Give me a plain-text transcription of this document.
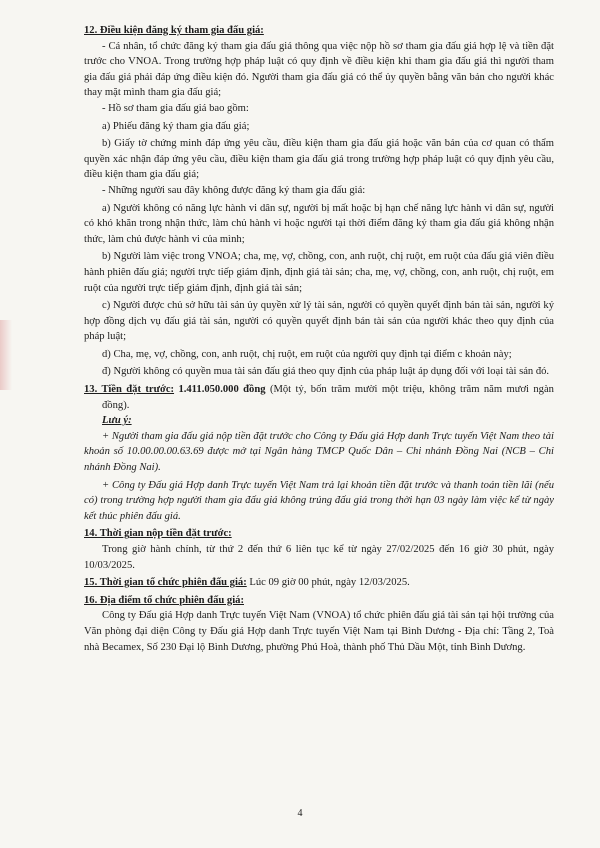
12. Điều kiện đăng ký tham gia đấu giá:

- Cá nhân, tổ chức đăng ký tham gia đấu giá thông qua việc nộp hồ sơ tham gia đấu giá hợp lệ và tiền đặt trước cho VNOA. Trong trường hợp pháp luật có quy định về điều kiện khi tham gia đấu giá thì người tham gia đấu giá phải đáp ứng điều kiện đó. Người tham gia đấu giá có thể ủy quyền bằng văn bản cho người khác thay mặt mình tham gia đấu giá;

- Hồ sơ tham gia đấu giá bao gồm:

a) Phiếu đăng ký tham gia đấu giá;

b) Giấy tờ chứng minh đáp ứng yêu cầu, điều kiện tham gia đấu giá hoặc văn bản của cơ quan có thẩm quyền xác nhận đáp ứng yêu cầu, điều kiện tham gia đấu giá trong trường hợp pháp luật có quy định yêu cầu, điều kiện tham gia đấu giá;

- Những người sau đây không được đăng ký tham gia đấu giá:

a) Người không có năng lực hành vi dân sự, người bị mất hoặc bị hạn chế năng lực hành vi dân sự, người có khó khăn trong nhận thức, làm chủ hành vi hoặc người tại thời điểm đăng ký tham gia đấu giá không nhận thức, làm chủ được hành vi của mình;

b) Người làm việc trong VNOA; cha, mẹ, vợ, chồng, con, anh ruột, chị ruột, em ruột của đấu giá viên điều hành phiên đấu giá; người trực tiếp giám định, định giá tài sản; cha, mẹ, vợ, chồng, con, anh ruột, chị ruột, em ruột của người trực tiếp giám định, định giá tài sản;

c) Người được chủ sở hữu tài sản ủy quyền xử lý tài sản, người có quyền quyết định bán tài sản, người ký hợp đồng dịch vụ đấu giá tài sản, người có quyền quyết định bán tài sản của người khác theo quy định của pháp luật;

d) Cha, mẹ, vợ, chồng, con, anh ruột, chị ruột, em ruột của người quy định tại điểm c khoản này;

đ) Người không có quyền mua tài sản đấu giá theo quy định của pháp luật áp dụng đối với loại tài sản đó.

13. Tiền đặt trước: 1.411.050.000 đồng (Một tỷ, bốn trăm mười một triệu, không trăm năm mươi ngàn đồng).

Lưu ý:

+ Người tham gia đấu giá nộp tiền đặt trước cho Công ty Đấu giá Hợp danh Trực tuyến Việt Nam theo tài khoản số 10.00.00.00.63.69 được mở tại Ngân hàng TMCP Quốc Dân – Chi nhánh Đồng Nai (NCB – Chi nhánh Đồng Nai).

+ Công ty Đấu giá Hợp danh Trực tuyến Việt Nam trả lại khoản tiền đặt trước và thanh toán tiền lãi (nếu có) trong trường hợp người tham gia đấu giá không trúng đấu giá trong thời hạn 03 ngày làm việc kể từ ngày kết thúc phiên đấu giá.

14. Thời gian nộp tiền đặt trước:

Trong giờ hành chính, từ thứ 2 đến thứ 6 liên tục kể từ ngày 27/02/2025 đến 16 giờ 30 phút, ngày 10/03/2025.

15. Thời gian tổ chức phiên đấu giá: Lúc 09 giờ 00 phút, ngày 12/03/2025.

16. Địa điểm tổ chức phiên đấu giá:

Công ty Đấu giá Hợp danh Trực tuyến Việt Nam (VNOA) tổ chức phiên đấu giá tài sản tại hội trường của Văn phòng đại diện Công ty Đấu giá Hợp danh Trực tuyến Việt Nam tại Bình Dương - Địa chỉ: Tầng 2, Toà nhà Becamex, Số 230 Đại lộ Bình Dương, phường Phú Hoà, thành phố Thủ Dầu Một, tỉnh Bình Dương.

4
